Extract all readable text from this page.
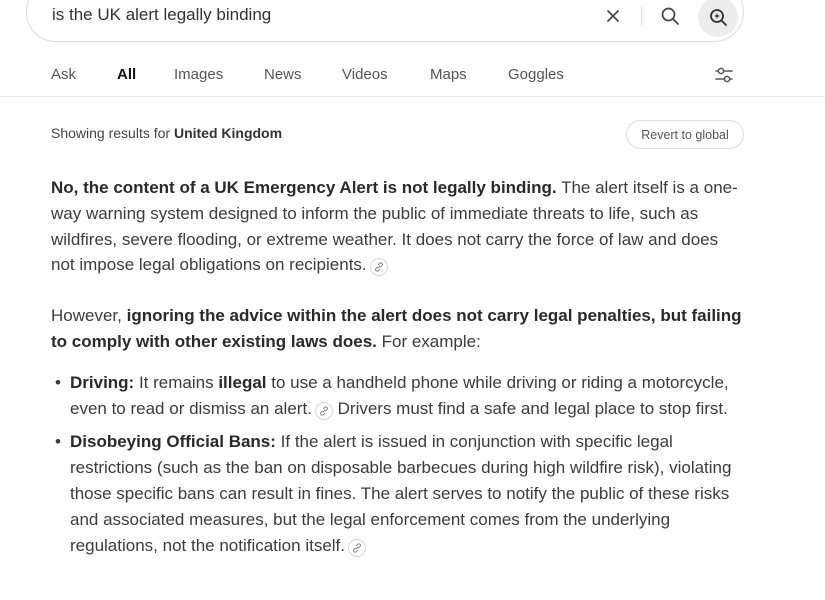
is the UK alert legally binding
Ask	All	Images	News	Videos	Maps	Goggles
Showing results for United Kingdom	Revert to global

No, the content of a UK Emergency Alert is not legally binding. The alert itself is a one-way warning system designed to inform the public of immediate threats to life, such as wildfires, severe flooding, or extreme weather. It does not carry the force of law and does not impose legal obligations on recipients.

However, ignoring the advice within the alert does not carry legal penalties, but failing to comply with other existing laws does. For example:

• Driving: It remains illegal to use a handheld phone while driving or riding a motorcycle, even to read or dismiss an alert.
Drivers must find a safe and legal place to stop first.
• Disobeying Official Bans: If the alert is issued in conjunction with specific legal restrictions (such as the ban on disposable barbecues during high wildfire risk), violating those specific bans can result in fines. The alert serves to notify the public of these risks and associated measures, but the legal enforcement comes from the underlying regulations, not the notification itself.
